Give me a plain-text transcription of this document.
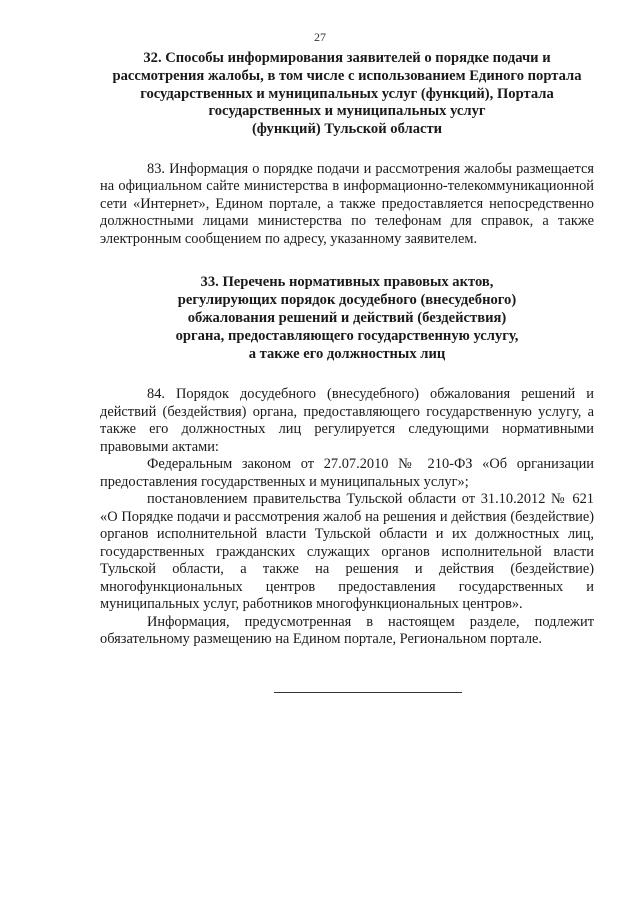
27
32. Способы информирования заявителей о порядке подачи и
рассмотрения жалобы, в том числе с использованием Единого портала
государственных и муниципальных услуг (функций), Портала
государственных и муниципальных услуг
(функций) Тульской области

83. Информация о порядке подачи и рассмотрения жалобы размещается на официальном сайте министерства в информационно-телекоммуникационной сети «Интернет», Едином портале, а также предоставляется непосредственно должностными лицами министерства по телефонам для справок, а также электронным сообщением по адресу, указанному заявителем.

33. Перечень нормативных правовых актов,
регулирующих порядок досудебного (внесудебного)
обжалования решений и действий (бездействия)
органа, предоставляющего государственную услугу,
а также его должностных лиц

84. Порядок досудебного (внесудебного) обжалования решений и действий (бездействия) органа, предоставляющего государственную услугу, а также его должностных лиц регулируется следующими нормативными правовыми актами:

Федеральным законом от 27.07.2010 № 210-ФЗ «Об организации предоставления государственных и муниципальных услуг»;

постановлением правительства Тульской области от 31.10.2012 № 621 «О Порядке подачи и рассмотрения жалоб на решения и действия (бездействие) органов исполнительной власти Тульской области и их должностных лиц, государственных гражданских служащих органов исполнительной власти Тульской области, а также на решения и действия (бездействие) многофункциональных центров предоставления государственных и муниципальных услуг, работников многофункциональных центров».

Информация, предусмотренная в настоящем разделе, подлежит обязательному размещению на Едином портале, Региональном портале.
